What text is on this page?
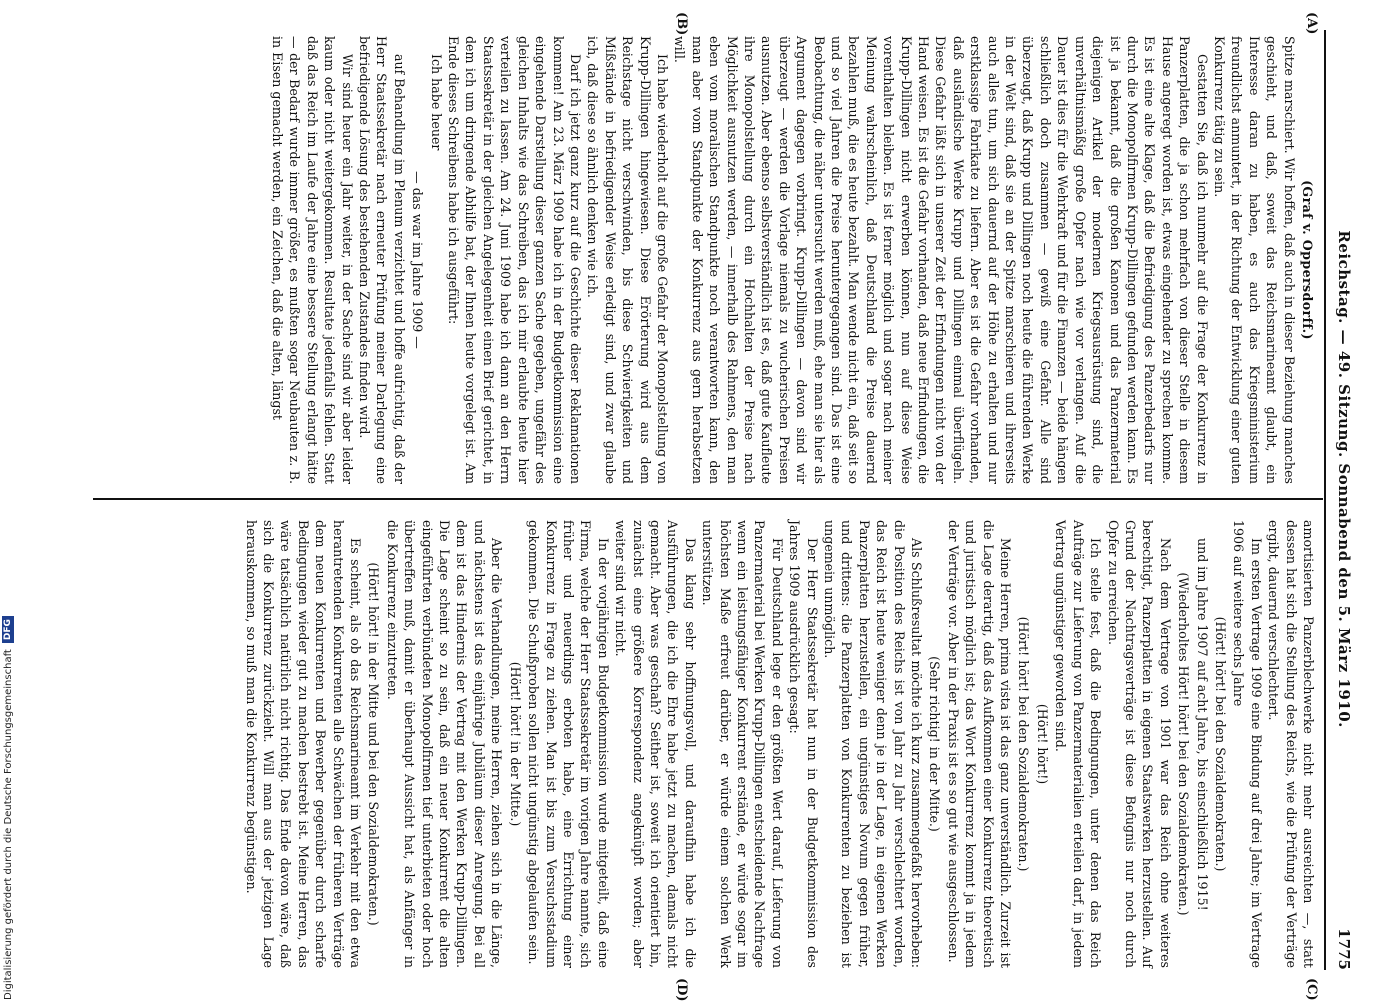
Reichstag. — 49. Sitzung. Sonnabend den 5. März 1910.
1775
(A)
(B)
(C)
(D)

(Graf v. Oppersdorff.)

Spitze marschiert. Wir hoffen, daß auch in dieser Beziehung manches geschieht, und daß, soweit das Reichsmarineamt glaubt, ein Interesse daran zu haben, es auch das Kriegsministerium freundlichst anmuntert, in der Richtung der Entwicklung einer guten Konkurrenz tätig zu sein.

Gestatten Sie, daß ich nunmehr auf die Frage der Konkurrenz in Panzerplatten, die ja schon mehrfach von dieser Stelle in diesem Hause angeregt worden ist, etwas eingehender zu sprechen komme. Es ist eine alte Klage, daß die Befriedigung des Panzerbedarfs nur durch die Monopolfirmen Krupp-Dillingen gefunden werden kann. Es ist ja bekannt, daß die großen Kanonen und das Panzermaterial diejenigen Artikel der modernen Kriegsausrüstung sind, die unverhältnismäßig große Opfer nach wie vor verlangen. Auf die Dauer ist dies für die Wehrkraft und für die Finanzen — beide hängen schließlich doch zusammen — gewiß eine Gefahr. Alle sind überzeugt, daß Krupp und Dillingen noch heute die führenden Werke in der Welt sind, daß sie an der Spitze marschieren und ihrerseits auch alles tun, um sich dauernd auf der Höhe zu erhalten und nur erstklassige Fabrikate zu liefern. Aber es ist die Gefahr vorhanden, daß ausländische Werke Krupp und Dillingen einmal überflügeln. Diese Gefahr läßt sich in unserer Zeit der Erfindungen nicht von der Hand weisen. Es ist die Gefahr vorhanden, daß neue Erfindungen, die Krupp-Dillingen nicht erwerben können, nun auf diese Weise vorenthalten bleiben. Es ist ferner möglich und sogar nach meiner Meinung wahrscheinlich, daß Deutschland die Preise dauernd bezahlen muß, die es heute bezahlt. Man wende nicht ein, daß seit so und so viel Jahren die Preise heruntergegangen sind. Das ist eine Beobachtung, die näher untersucht werden muß, ehe man sie hier als Argument dagegen vorbringt. Krupp-Dillingen — davon sind wir überzeugt — werden die Vorlage niemals zu wucherischen Preisen ausnutzen. Aber ebenso selbstverständlich ist es, daß gute Kaufleute ihre Monopolstellung durch ein Hochhalten der Preise nach Möglichkeit ausnutzen werden, — innerhalb des Rahmens, den man eben vom moralischen Standpunkte noch verantworten kann, den man aber vom Standpunkte der Konkurrenz aus gern herabsetzen will.

Ich habe wiederholt auf die große Gefahr der Monopolstellung von Krupp-Dillingen hingewiesen. Diese Erörterung wird aus dem Reichstage nicht verschwinden, bis diese Schwierigkeiten und Mißstände in befriedigender Weise erledigt sind, und zwar glaube ich, daß diese so ähnlich denken wie ich.

Darf ich jetzt ganz kurz auf die Geschichte dieser Reklamationen kommen! Am 23. März 1909 habe ich in der Budgetkommission eine eingehende Darstellung dieser ganzen Sache gegeben, ungefähr des gleichen Inhalts wie das Schreiben, das ich mir erlaubte heute hier verteilen zu lassen. Am 24. Juni 1909 habe ich dann an den Herrn Staatssekretär in der gleichen Angelegenheit einen Brief gerichtet, in dem ich um dringende Abhilfe bat, der Ihnen heute vorgelegt ist. Am Ende dieses Schreibens habe ich ausgeführt:

Ich habe heuer

— das war im Jahre 1909 —

auf Behandlung im Plenum verzichtet und hoffe aufrichtig, daß der Herr Staatssekretär nach erneuter Prüfung meiner Darlegung eine befriedigende Lösung des bestehenden Zustandes finden wird.

Wir sind heuer ein Jahr weiter, in der Sache sind wir aber leider kaum oder nicht weitergekommen. Resultate jedenfalls fehlen. Statt daß das Reich im Laufe der Jahre eine bessere Stellung erlangt hätte — der Bedarf wurde immer größer, es mußten sogar Neubauten z. B. in Eisen gemacht werden, ein Zeichen, daß die alten, längst

amortisierten Panzerblechwerke nicht mehr ausreichten —, statt dessen hat sich die Stellung des Reichs, wie die Prüfung der Verträge ergibt, dauernd verschlechtert.

Im ersten Vertrage 1909 eine Bindung auf drei Jahre; im Vertrage 1906 auf weitere sechs Jahre

(Hört! hört! bei den Sozialdemokraten.)

und im Jahre 1907 auf acht Jahre, bis einschließlich 1915!

(Wiederholtes Hört! hört! bei den Sozialdemokraten.)

Nach dem Vertrage von 1901 war das Reich ohne weiteres berechtigt, Panzerplatten in eigenen Staatswerken herzustellen. Auf Grund der Nachtragsverträge ist diese Befugnis nur noch durch Opfer zu erreichen.

Ich stelle fest, daß die Bedingungen, unter denen das Reich Aufträge zur Lieferung von Panzermaterialien erteilen darf, in jedem Vertrag ungünstiger geworden sind.

(Hört! hört!)

(Hört! hört! bei den Sozialdemokraten.)

Meine Herren, prima vista ist das ganz unverständlich. Zurzeit ist die Lage derartig, daß das Aufkommen einer Konkurrenz theoretisch und juristisch möglich ist; das Wort Konkurrenz kommt ja in jedem der Verträge vor. Aber in der Praxis ist es so gut wie ausgeschlossen.

(Sehr richtig! in der Mitte.)

Als Schlußresultat möchte ich kurz zusammengefaßt hervorheben: die Position des Reichs ist von Jahr zu Jahr verschlechtert worden, das Reich ist heute weniger denn je in der Lage, in eigenen Werken Panzerplatten herzustellen, ein ungünstiges Novum gegen früher, und drittens: die Panzerplatten von Konkurrenten zu beziehen ist ungemein unmöglich.

Der Herr Staatssekretär hat nun in der Budgetkommission des Jahres 1909 ausdrücklich gesagt:

Für Deutschland lege er den größten Wert darauf, Lieferung von Panzermaterial bei Werken Krupp-Dillingen entscheidende Nachfrage wenn ein leistungsfähiger Konkurrent erstände, er würde sogar im höchsten Maße erfreut darüber, er würde einem solchen Werk unterstützen.

Das klang sehr hoffnungsvoll, und daraufhin habe ich die Ausführungen, die ich die Ehre habe jetzt zu machen, damals nicht gemacht. Aber was geschah? Seither ist, soweit ich orientiert bin, zunächst eine größere Korrespondenz angeknüpft worden; aber weiter sind wir nicht.

In der vorjährigen Budgetkommission wurde mitgeteilt, daß eine Firma, welche der Herr Staatssekretär im vorigen Jahre nannte, sich früher und neuerdings erboten habe, eine Errichtung einer Konkurrenz in Frage zu ziehen. Man ist bis zum Versuchsstadium gekommen. Die Schußproben sollen nicht ungünstig abgelaufen sein.

(Hört! hört! in der Mitte.)

Aber die Verhandlungen, meine Herren, ziehen sich in die Länge, und nächstens ist das einjährige Jubiläum dieser Anregung. Bei all dem ist das Hindernis der Vertrag mit den Werken Krupp-Dillingen. Die Lage scheint so zu sein, daß ein neuer Konkurrent die alten eingeführten verbündeten Monopolfirmen tief unterbieten oder hoch übertreffen muß, damit er überhaupt Aussicht hat, als Anfänger in die Konkurrenz einzutreten.

(Hört! hört! in der Mitte und bei den Sozialdemokraten.)

Es scheint, als ob das Reichsmarineamt im Verkehr mit den etwa herantretenden Konkurrenten alle Schwächen der früheren Verträge dem neuen Konkurrenten und Bewerber gegenüber durch scharfe Bedingungen wieder gut zu machen bestrebt ist. Meine Herren, das wäre tatsächlich natürlich nicht richtig. Das Ende davon wäre, daß sich die Konkurrenz zurückzieht. Will man aus der jetzigen Lage herauskommen, so muß man die Konkurrenz begünstigen.

Digitalisierung gefördert durch die Deutsche Forschungsgemeinschaft
DFG
